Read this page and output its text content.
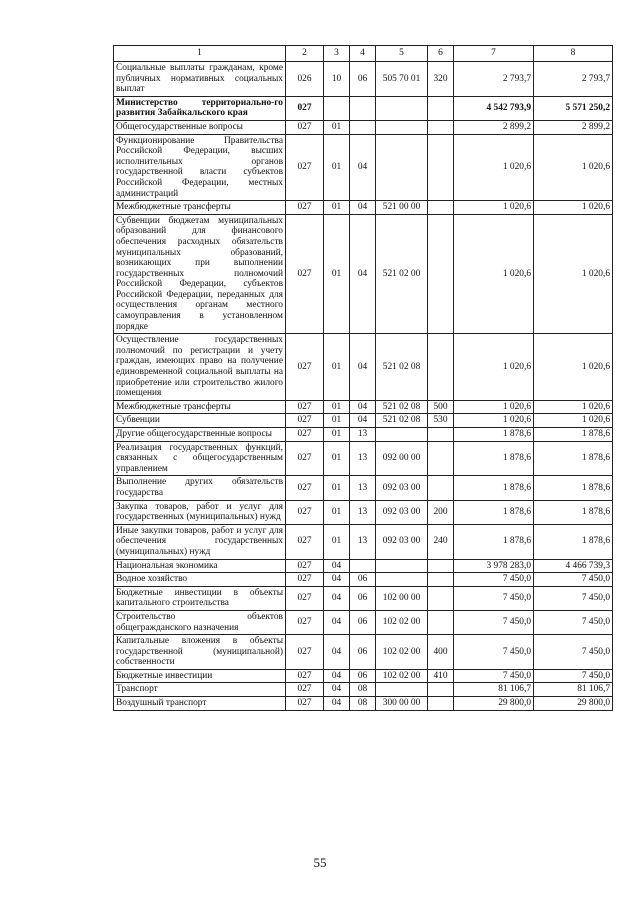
1	2	3	4	5	6	7	8
Социальные выплаты гражданам, кроме публичных нормативных социальных выплат	026	10	06	505 70 01	320	2 793,7	2 793,7
Министерство территориально-го развития Забайкальского края	027					4 542 793,9	5 571 250,2
Общегосударственные вопросы	027	01				2 899,2	2 899,2
Функционирование Правительства Российской Федерации, высших исполнительных органов государственной власти субъектов Российской Федерации, местных администраций	027	01	04			1 020,6	1 020,6
Межбюджетные трансферты	027	01	04	521 00 00		1 020,6	1 020,6
Субвенции бюджетам муниципальных образований для финансового обеспечения расходных обязательств муниципальных образований, возникающих при выполнении государственных полномочий Российской Федерации, субъектов Российской Федерации, переданных для осуществления органам местного самоуправления в установленном порядке	027	01	04	521 02 00		1 020,6	1 020,6
Осуществление государственных полномочий по регистрации и учету граждан, имеющих право на получение единовременной социальной выплаты на приобретение или строительство жилого помещения	027	01	04	521 02 08		1 020,6	1 020,6
Межбюджетные трансферты	027	01	04	521 02 08	500	1 020,6	1 020,6
Субвенции	027	01	04	521 02 08	530	1 020,6	1 020,6
Другие общегосударственные вопросы	027	01	13			1 878,6	1 878,6
Реализация государственных функций, связанных с общегосударственным управлением	027	01	13	092 00 00		1 878,6	1 878,6
Выполнение других обязательств государства	027	01	13	092 03 00		1 878,6	1 878,6
Закупка товаров, работ и услуг для государственных (муниципальных) нужд	027	01	13	092 03 00	200	1 878,6	1 878,6
Иные закупки товаров, работ и услуг для обеспечения государственных (муниципальных) нужд	027	01	13	092 03 00	240	1 878,6	1 878,6
Национальная экономика	027	04				3 978 283,0	4 466 739,3
Водное хозяйство	027	04	06			7 450,0	7 450,0
Бюджетные инвестиции в объекты капитального строительства	027	04	06	102 00 00		7 450,0	7 450,0
Строительство объектов общегражданского назначения	027	04	06	102 02 00		7 450,0	7 450,0
Капитальные вложения в объекты государственной (муниципальной) собственности	027	04	06	102 02 00	400	7 450,0	7 450,0
Бюджетные инвестиции	027	04	06	102 02 00	410	7 450,0	7 450,0
Транспорт	027	04	08			81 106,7	81 106,7
Воздушный транспорт	027	04	08	300 00 00		29 800,0	29 800,0
55
